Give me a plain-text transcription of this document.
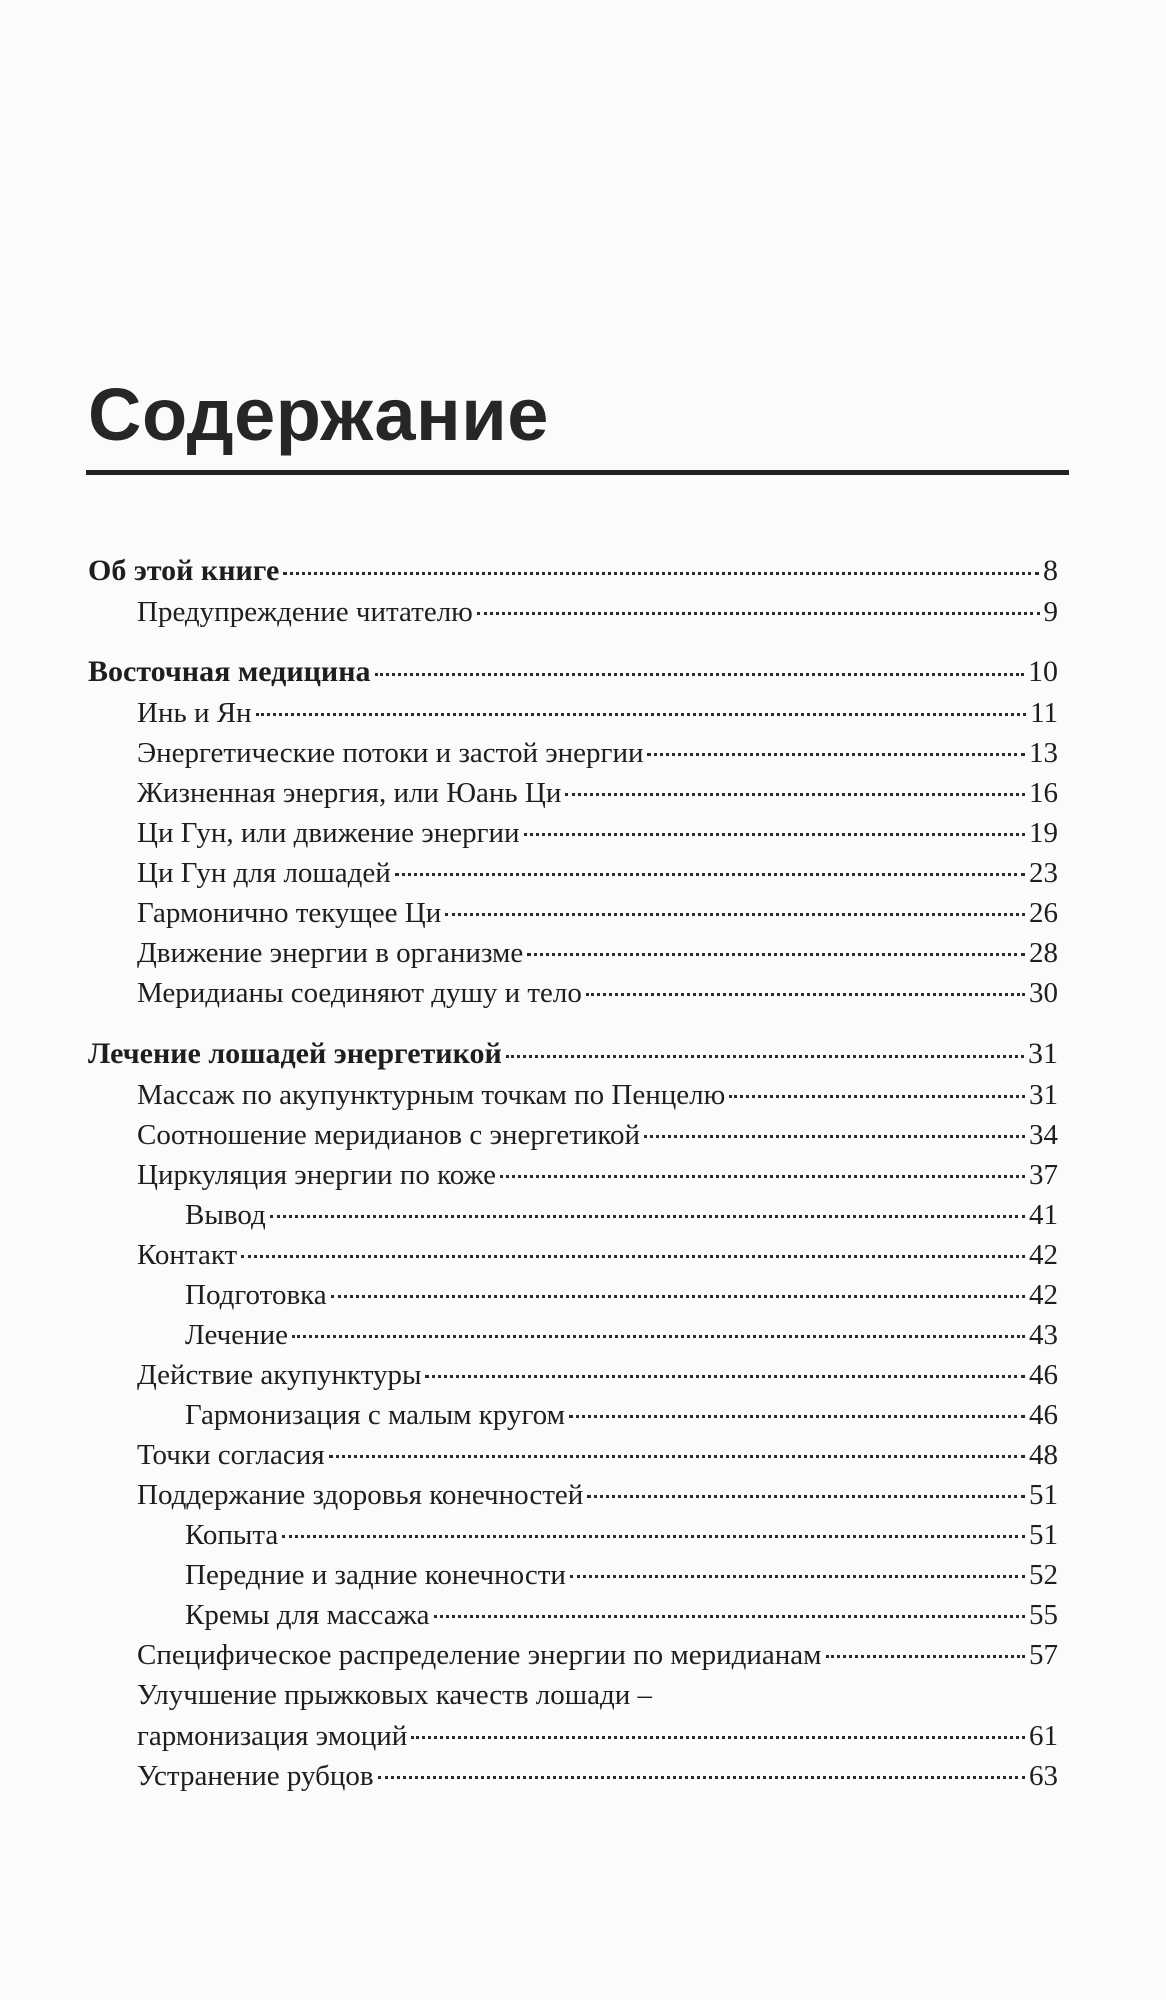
Содержание
Об этой книге	8
Предупреждение читателю	9
Восточная медицина	10
Инь и Ян	11
Энергетические потоки и застой энергии	13
Жизненная энергия, или Юань Ци	16
Ци Гун, или движение энергии	19
Ци Гун для лошадей	23
Гармонично текущее Ци	26
Движение энергии в организме	28
Меридианы соединяют душу и тело	30
Лечение лошадей энергетикой	31
Массаж по акупунктурным точкам по Пенцелю	31
Соотношение меридианов с энергетикой	34
Циркуляция энергии по коже	37
Вывод	41
Контакт	42
Подготовка	42
Лечение	43
Действие акупунктуры	46
Гармонизация с малым кругом	46
Точки согласия	48
Поддержание здоровья конечностей	51
Копыта	51
Передние и задние конечности	52
Кремы для массажа	55
Специфическое распределение энергии по меридианам	57
Улучшение прыжковых качеств лошади –
гармонизация эмоций	61
Устранение рубцов	63
